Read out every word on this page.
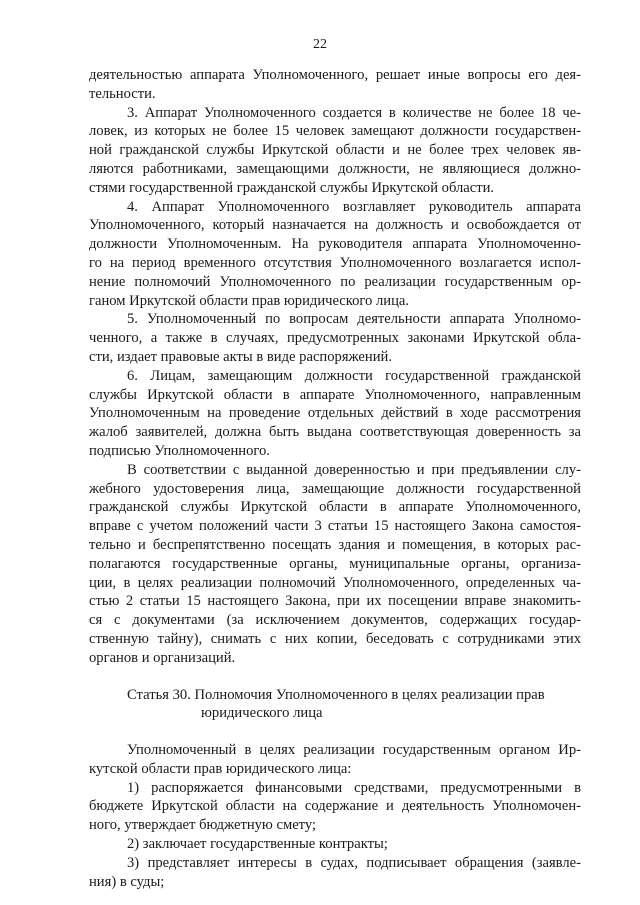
22

деятельностью аппарата Уполномоченного, решает иные вопросы его дея-
тельности.

3. Аппарат Уполномоченного создается в количестве не более 18 че-
ловек, из которых не более 15 человек замещают должности государствен-
ной гражданской службы Иркутской области и не более трех человек яв-
ляются работниками, замещающими должности, не являющиеся должно-
стями государственной гражданской службы Иркутской области.

4. Аппарат Уполномоченного возглавляет руководитель аппарата
Уполномоченного, который назначается на должность и освобождается от
должности Уполномоченным. На руководителя аппарата Уполномоченно-
го на период временного отсутствия Уполномоченного возлагается испол-
нение полномочий Уполномоченного по реализации государственным ор-
ганом Иркутской области прав юридического лица.

5. Уполномоченный по вопросам деятельности аппарата Уполномо-
ченного, а также в случаях, предусмотренных законами Иркутской обла-
сти, издает правовые акты в виде распоряжений.

6. Лицам, замещающим должности государственной гражданской
службы Иркутской области в аппарате Уполномоченного, направленным
Уполномоченным на проведение отдельных действий в ходе рассмотрения
жалоб заявителей, должна быть выдана соответствующая доверенность за
подписью Уполномоченного.

В соответствии с выданной доверенностью и при предъявлении слу-
жебного удостоверения лица, замещающие должности государственной
гражданской службы Иркутской области в аппарате Уполномоченного,
вправе с учетом положений части 3 статьи 15 настоящего Закона самостоя-
тельно и беспрепятственно посещать здания и помещения, в которых рас-
полагаются государственные органы, муниципальные органы, организа-
ции, в целях реализации полномочий Уполномоченного, определенных ча-
стью 2 статьи 15 настоящего Закона, при их посещении вправе знакомить-
ся с документами (за исключением документов, содержащих государ-
ственную тайну), снимать с них копии, беседовать с сотрудниками этих
органов и организаций.

Статья 30. Полномочия Уполномоченного в целях реализации прав
юридического лица

Уполномоченный в целях реализации государственным органом Ир-
кутской области прав юридического лица:

1) распоряжается финансовыми средствами, предусмотренными в
бюджете Иркутской области на содержание и деятельность Уполномочен-
ного, утверждает бюджетную смету;

2) заключает государственные контракты;

3) представляет интересы в судах, подписывает обращения (заявле-
ния) в суды;
